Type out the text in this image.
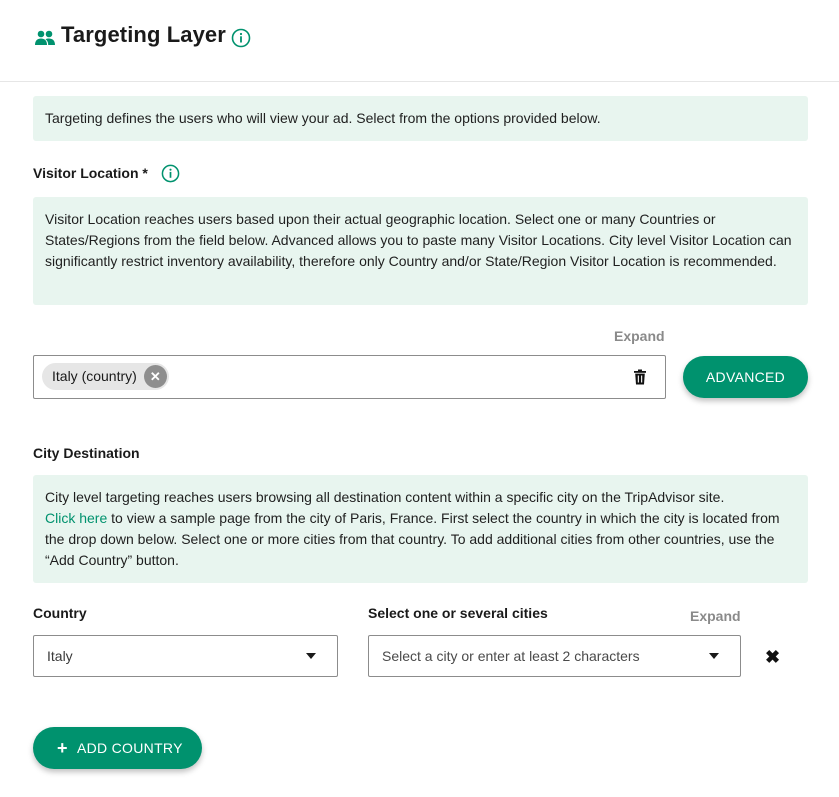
Targeting Layer
Targeting defines the users who will view your ad. Select from the options provided below.
Visitor Location *
Visitor Location reaches users based upon their actual geographic location. Select one or many Countries or States/Regions from the field below. Advanced allows you to paste many Visitor Locations. City level Visitor Location can significantly restrict inventory availability, therefore only Country and/or State/Region Visitor Location is recommended.
Expand
Italy (country)	✕	ADVANCED
City Destination
City level targeting reaches users browsing all destination content within a specific city on the TripAdvisor site.
Click here to view a sample page from the city of Paris, France. First select the country in which the city is located from the drop down below. Select one or more cities from that country. To add additional cities from other countries, use the “Add Country” button.
Country	Select one or several cities	Expand
Italy	Select a city or enter at least 2 characters	✖
+ ADD COUNTRY
